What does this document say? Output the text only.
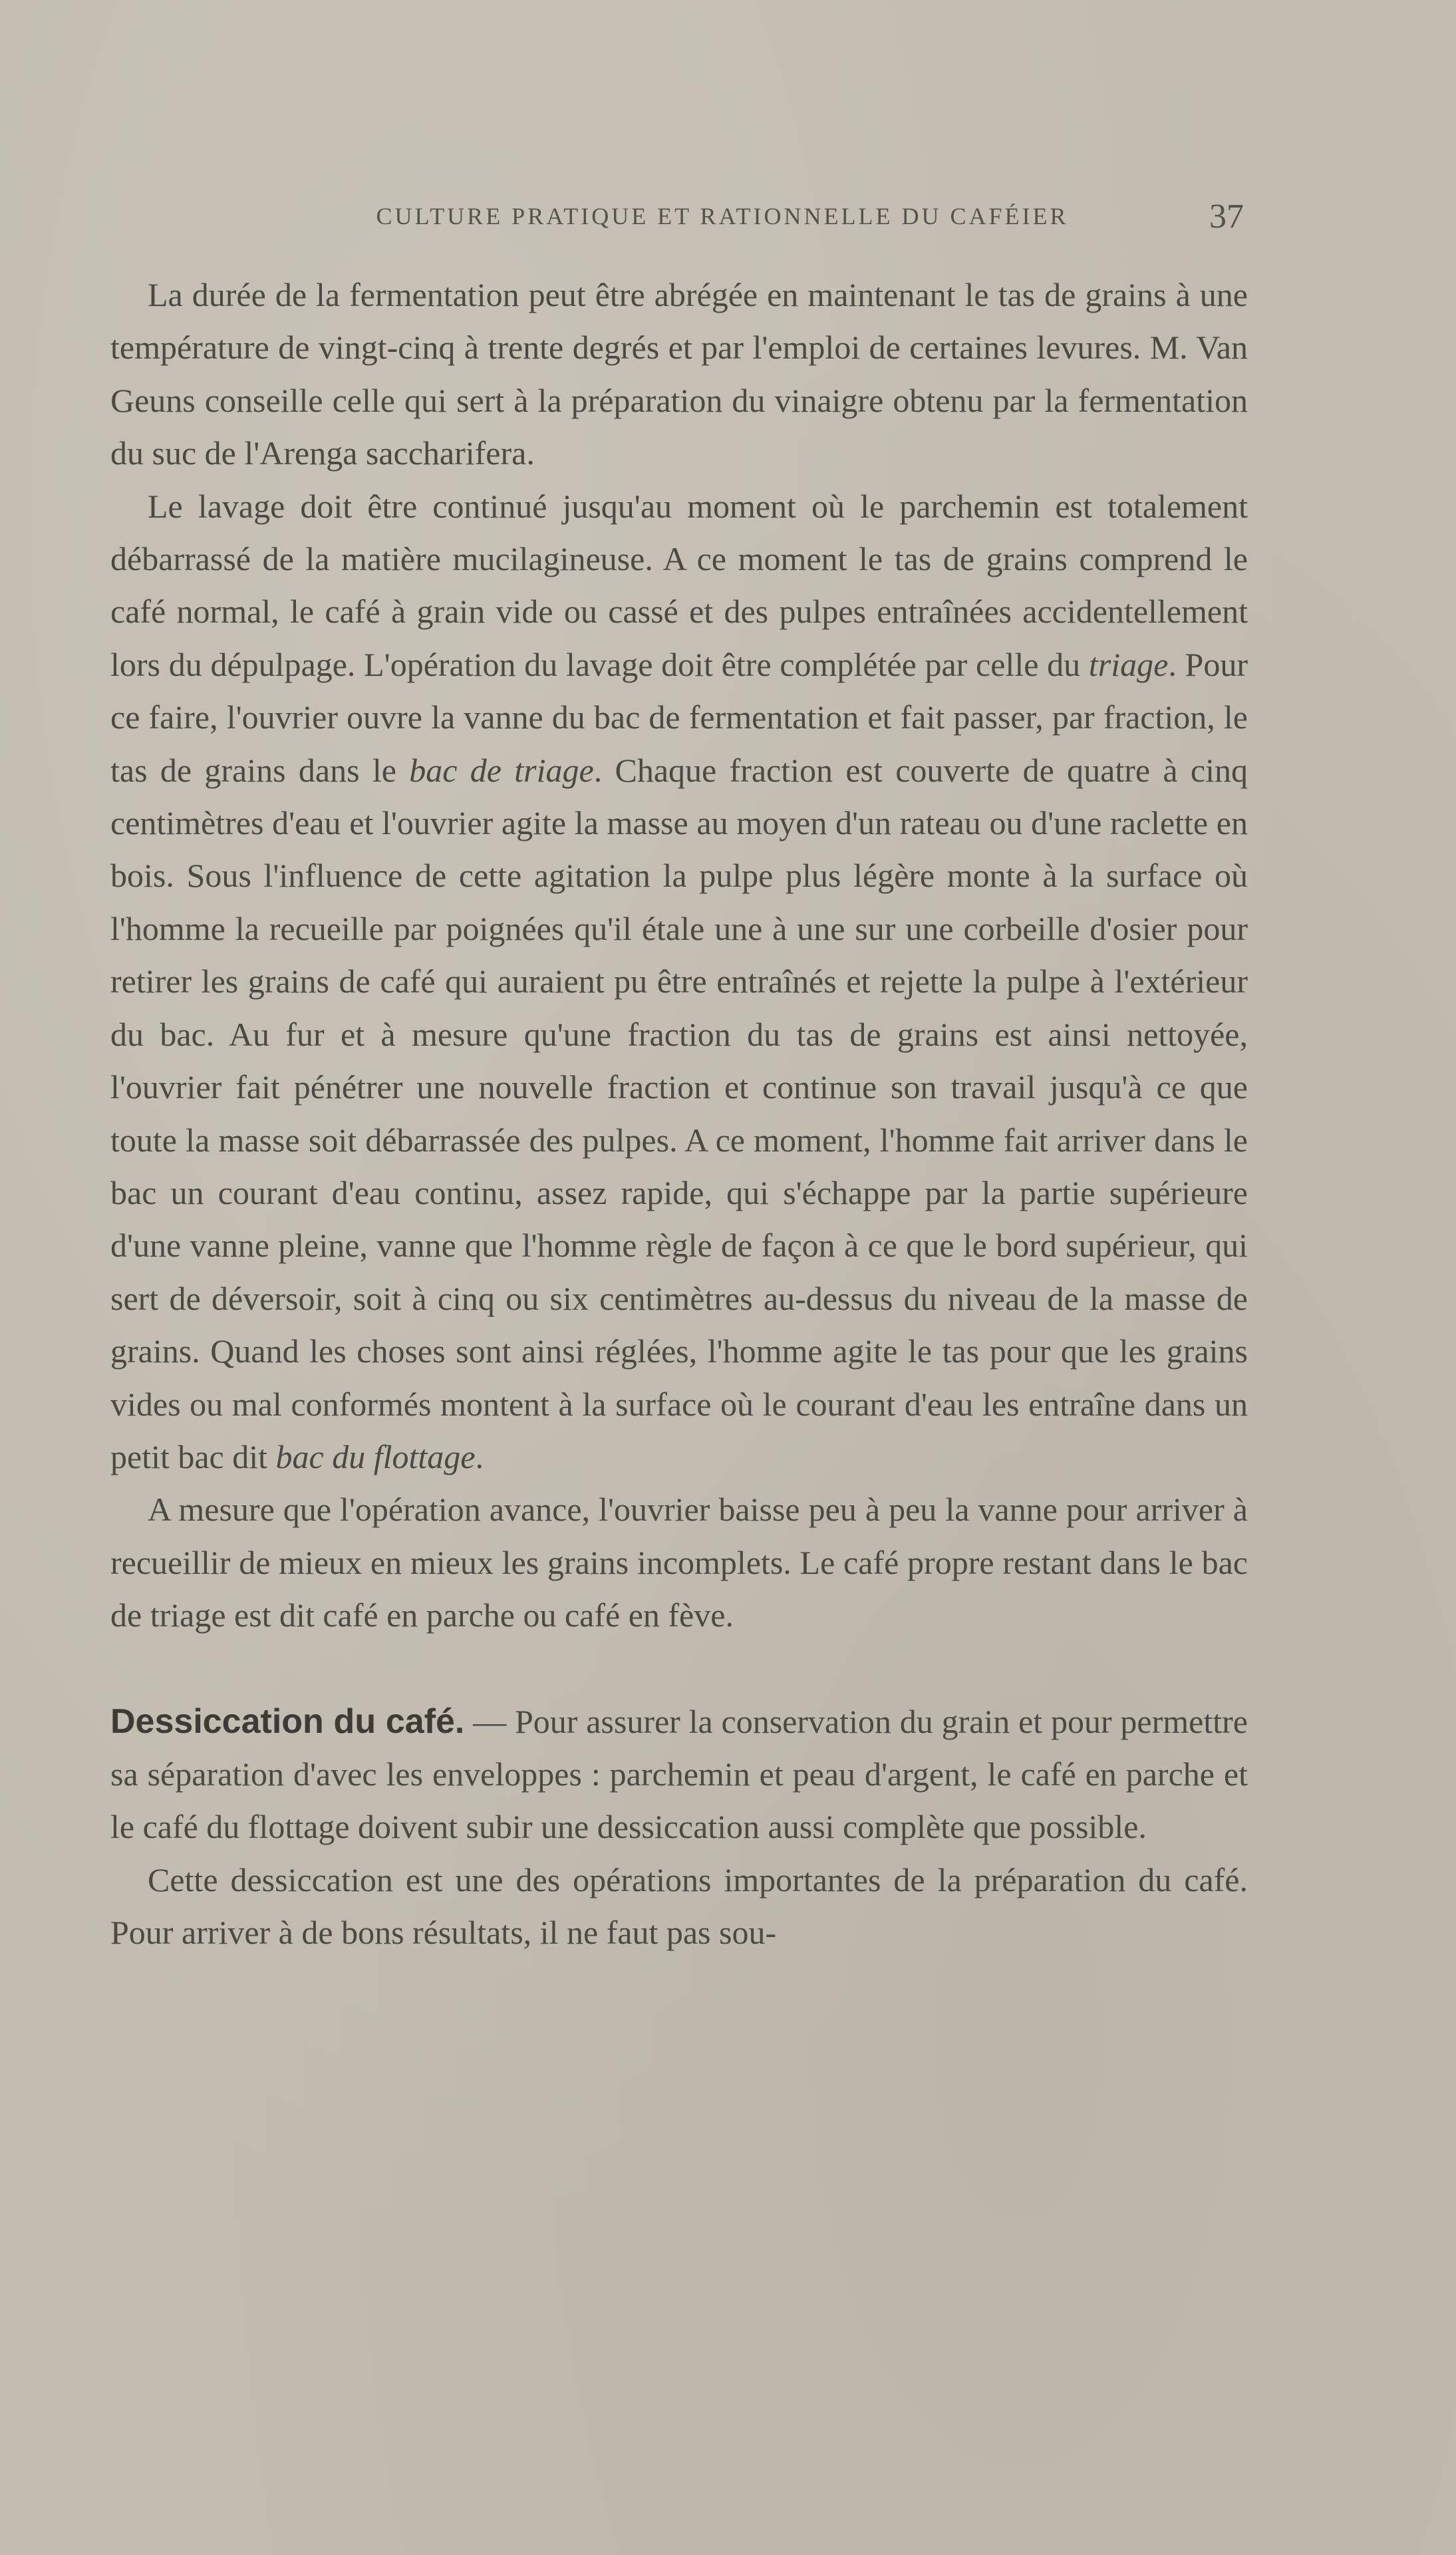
CULTURE PRATIQUE ET RATIONNELLE DU CAFÉIER	37

La durée de la fermentation peut être abrégée en maintenant le tas de grains à une température de vingt-cinq à trente degrés et par l'emploi de certaines levures. M. Van Geuns conseille celle qui sert à la préparation du vinaigre obtenu par la fermentation du suc de l'Arenga saccharifera.

Le lavage doit être continué jusqu'au moment où le parchemin est totalement débarrassé de la matière mucilagineuse. A ce moment le tas de grains comprend le café normal, le café à grain vide ou cassé et des pulpes entraînées accidentellement lors du dépulpage. L'opération du lavage doit être complétée par celle du triage. Pour ce faire, l'ouvrier ouvre la vanne du bac de fermentation et fait passer, par fraction, le tas de grains dans le bac de triage. Chaque fraction est couverte de quatre à cinq centimètres d'eau et l'ouvrier agite la masse au moyen d'un rateau ou d'une raclette en bois. Sous l'influence de cette agitation la pulpe plus légère monte à la surface où l'homme la recueille par poignées qu'il étale une à une sur une corbeille d'osier pour retirer les grains de café qui auraient pu être entraînés et rejette la pulpe à l'extérieur du bac. Au fur et à mesure qu'une fraction du tas de grains est ainsi nettoyée, l'ouvrier fait pénétrer une nouvelle fraction et continue son travail jusqu'à ce que toute la masse soit débarrassée des pulpes. A ce moment, l'homme fait arriver dans le bac un courant d'eau continu, assez rapide, qui s'échappe par la partie supérieure d'une vanne pleine, vanne que l'homme règle de façon à ce que le bord supérieur, qui sert de déversoir, soit à cinq ou six centimètres au-dessus du niveau de la masse de grains. Quand les choses sont ainsi réglées, l'homme agite le tas pour que les grains vides ou mal conformés montent à la surface où le courant d'eau les entraîne dans un petit bac dit bac du flottage.

A mesure que l'opération avance, l'ouvrier baisse peu à peu la vanne pour arriver à recueillir de mieux en mieux les grains incomplets. Le café propre restant dans le bac de triage est dit café en parche ou café en fève.

Dessiccation du café. — Pour assurer la conservation du grain et pour permettre sa séparation d'avec les enveloppes : parchemin et peau d'argent, le café en parche et le café du flottage doivent subir une dessiccation aussi complète que possible.

Cette dessiccation est une des opérations importantes de la préparation du café. Pour arriver à de bons résultats, il ne faut pas sou-
